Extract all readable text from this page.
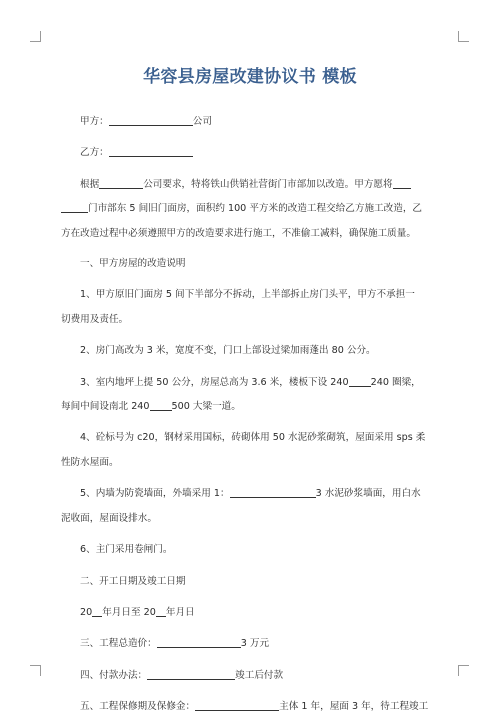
华容县房屋改建协议书 模板
甲方：	公司
乙方：
根据	公司要求，特将铁山供销社营街门市部加以改造。甲方愿将
门市部东 5 间旧门面房，面积约 100 平方米的改造工程交给乙方施工改造，乙
方在改造过程中必须遵照甲方的改造要求进行施工，不准偷工减料，确保施工质量。
一、甲方房屋的改造说明
1、甲方原旧门面房 5 间下半部分不拆动，上半部拆止房门头平，甲方不承担一
切费用及责任。
2、房门高改为 3 米，宽度不变，门口上部设过梁加雨蓬出 80 公分。
3、室内地坪上提 50 公分，房屋总高为 3.6 米，楼板下设 240 240 圈梁，
每间中间设南北 240 500 大梁一道。
4、砼标号为 c20，钢材采用国标，砖砌体用 50 水泥砂浆砌筑，屋面采用 sps 柔
性防水屋面。
5、内墙为防瓷墙面，外墙采用 1：	3 水泥砂浆墙面，用白水
泥收面，屋面设排水。
6、主门采用卷闸门。
二、开工日期及竣工日期
20 年月日至 20 年月日
三、工程总造价：	3 万元
四、付款办法：	竣工后付款
五、工程保修期及保修金：	主体 1 年，屋面 3 年，待工程竣工
